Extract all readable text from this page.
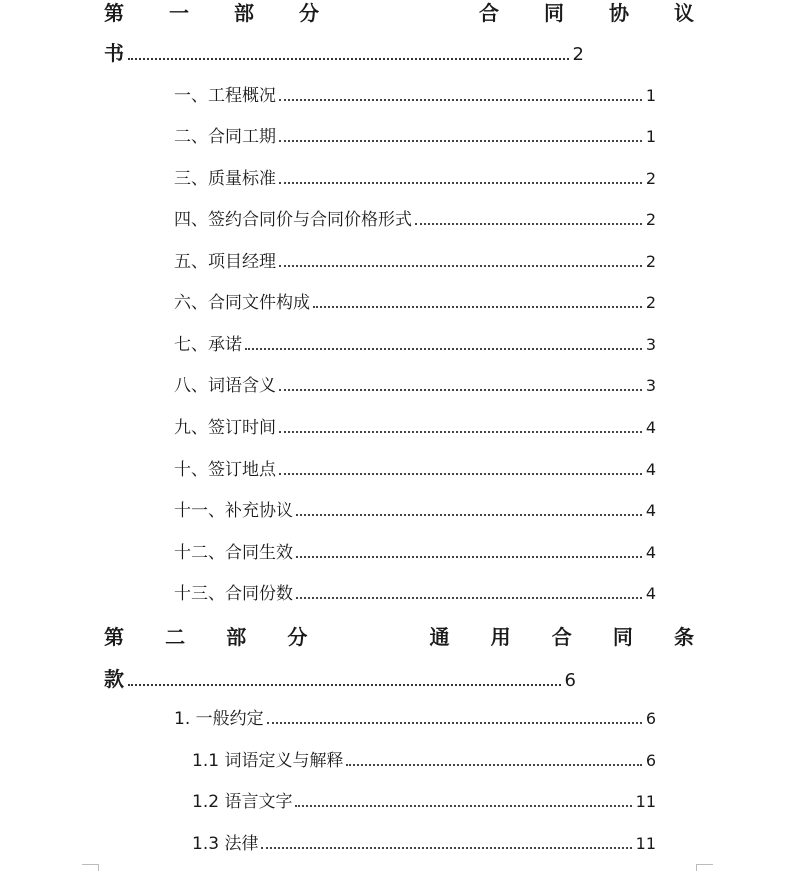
第 一 部 分	合 同 协 议
书	2
一、工程概况	1
二、合同工期	1
三、质量标准	2
四、签约合同价与合同价格形式	2
五、项目经理	2
六、合同文件构成	2
七、承诺	3
八、词语含义	3
九、签订时间	4
十、签订地点	4
十一、补充协议	4
十二、合同生效	4
十三、合同份数	4
第 二 部 分	通 用 合 同 条
款	6
1. 一般约定	6
1.1 词语定义与解释	6
1.2 语言文字	11
1.3 法律	11
